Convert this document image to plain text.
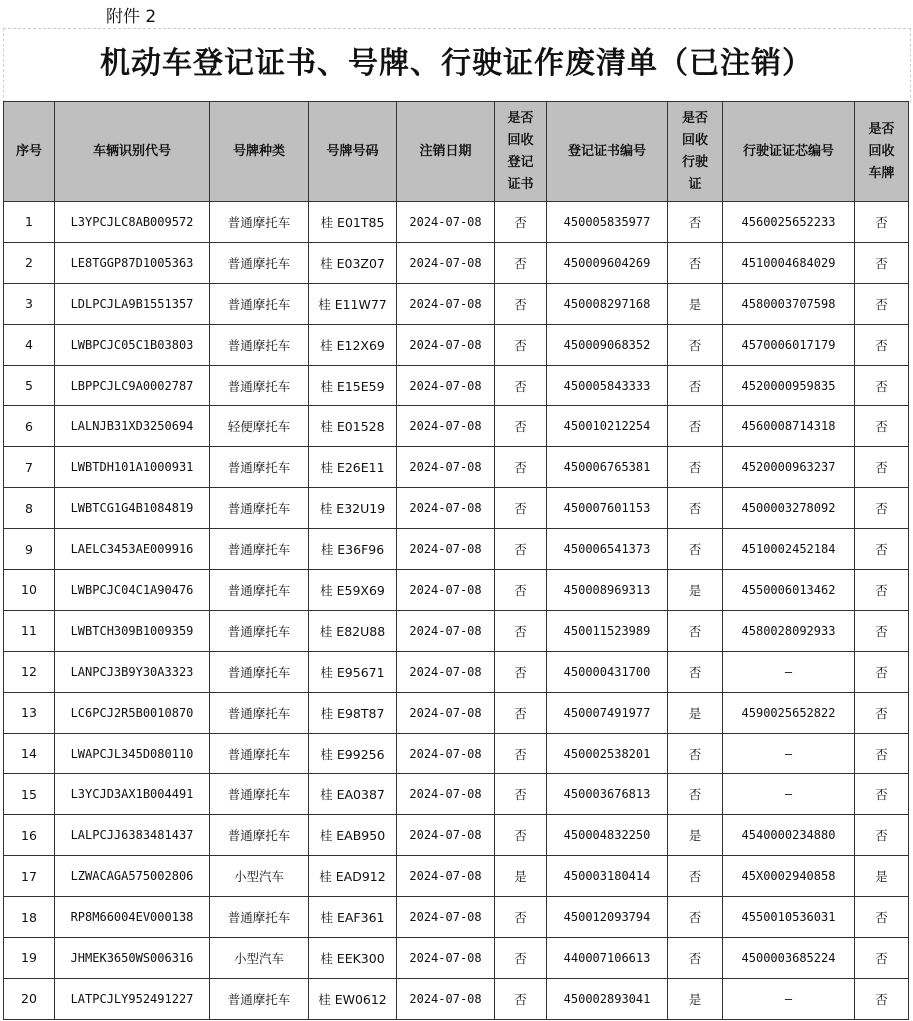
附件 2
机动车登记证书、号牌、行驶证作废清单（已注销）
序号	车辆识别代号	号牌种类	号牌号码	注销日期	是否回收登记证书	登记证书编号	是否回收行驶证	行驶证证芯编号	是否回收车牌
1	L3YPCJLC8AB009572	普通摩托车	桂 E01T85	2024-07-08	否	450005835977	否	4560025652233	否
2	LE8TGGP87D1005363	普通摩托车	桂 E03Z07	2024-07-08	否	450009604269	否	4510004684029	否
3	LDLPCJLA9B1551357	普通摩托车	桂 E11W77	2024-07-08	否	450008297168	是	4580003707598	否
4	LWBPCJC05C1B03803	普通摩托车	桂 E12X69	2024-07-08	否	450009068352	否	4570006017179	否
5	LBPPCJLC9A0002787	普通摩托车	桂 E15E59	2024-07-08	否	450005843333	否	4520000959835	否
6	LALNJB31XD3250694	轻便摩托车	桂 E01528	2024-07-08	否	450010212254	否	4560008714318	否
7	LWBTDH101A1000931	普通摩托车	桂 E26E11	2024-07-08	否	450006765381	否	4520000963237	否
8	LWBTCG1G4B1084819	普通摩托车	桂 E32U19	2024-07-08	否	450007601153	否	4500003278092	否
9	LAELC3453AE009916	普通摩托车	桂 E36F96	2024-07-08	否	450006541373	否	4510002452184	否
10	LWBPCJC04C1A90476	普通摩托车	桂 E59X69	2024-07-08	否	450008969313	是	4550006013462	否
11	LWBTCH309B1009359	普通摩托车	桂 E82U88	2024-07-08	否	450011523989	否	4580028092933	否
12	LANPCJ3B9Y30A3323	普通摩托车	桂 E95671	2024-07-08	否	450000431700	否	—	否
13	LC6PCJ2R5B0010870	普通摩托车	桂 E98T87	2024-07-08	否	450007491977	是	4590025652822	否
14	LWAPCJL345D080110	普通摩托车	桂 E99256	2024-07-08	否	450002538201	否	—	否
15	L3YCJD3AX1B004491	普通摩托车	桂 EA0387	2024-07-08	否	450003676813	否	—	否
16	LALPCJJ6383481437	普通摩托车	桂 EAB950	2024-07-08	否	450004832250	是	4540000234880	否
17	LZWACAGA575002806	小型汽车	桂 EAD912	2024-07-08	是	450003180414	否	45X0002940858	是
18	RP8M66004EV000138	普通摩托车	桂 EAF361	2024-07-08	否	450012093794	否	4550010536031	否
19	JHMEK3650WS006316	小型汽车	桂 EEK300	2024-07-08	否	440007106613	否	4500003685224	否
20	LATPCJLY952491227	普通摩托车	桂 EW0612	2024-07-08	否	450002893041	是	—	否
